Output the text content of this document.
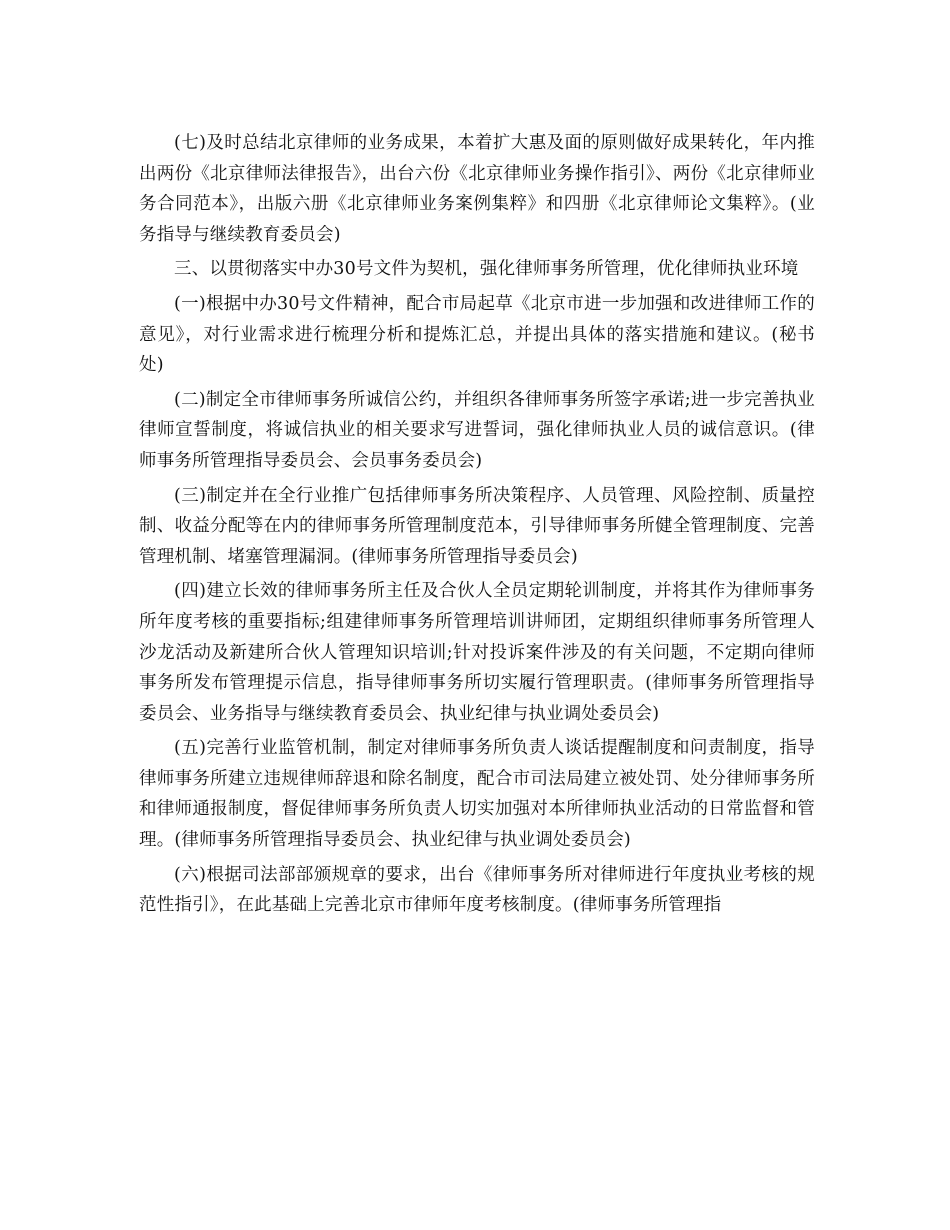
(七)及时总结北京律师的业务成果，本着扩大惠及面的原则做好成果转化，年内推出两份《北京律师法律报告》，出台六份《北京律师业务操作指引》、两份《北京律师业务合同范本》，出版六册《北京律师业务案例集粹》和四册《北京律师论文集粹》。(业务指导与继续教育委员会)

三、以贯彻落实中办30号文件为契机，强化律师事务所管理，优化律师执业环境

(一)根据中办30号文件精神，配合市局起草《北京市进一步加强和改进律师工作的意见》，对行业需求进行梳理分析和提炼汇总，并提出具体的落实措施和建议。(秘书处)

(二)制定全市律师事务所诚信公约，并组织各律师事务所签字承诺;进一步完善执业律师宣誓制度，将诚信执业的相关要求写进誓词，强化律师执业人员的诚信意识。(律师事务所管理指导委员会、会员事务委员会)

(三)制定并在全行业推广包括律师事务所决策程序、人员管理、风险控制、质量控制、收益分配等在内的律师事务所管理制度范本，引导律师事务所健全管理制度、完善管理机制、堵塞管理漏洞。(律师事务所管理指导委员会)

(四)建立长效的律师事务所主任及合伙人全员定期轮训制度，并将其作为律师事务所年度考核的重要指标;组建律师事务所管理培训讲师团，定期组织律师事务所管理人沙龙活动及新建所合伙人管理知识培训;针对投诉案件涉及的有关问题，不定期向律师事务所发布管理提示信息，指导律师事务所切实履行管理职责。(律师事务所管理指导委员会、业务指导与继续教育委员会、执业纪律与执业调处委员会)

(五)完善行业监管机制，制定对律师事务所负责人谈话提醒制度和问责制度，指导律师事务所建立违规律师辞退和除名制度，配合市司法局建立被处罚、处分律师事务所和律师通报制度，督促律师事务所负责人切实加强对本所律师执业活动的日常监督和管理。(律师事务所管理指导委员会、执业纪律与执业调处委员会)

(六)根据司法部部颁规章的要求，出台《律师事务所对律师进行年度执业考核的规范性指引》，在此基础上完善北京市律师年度考核制度。(律师事务所管理指
